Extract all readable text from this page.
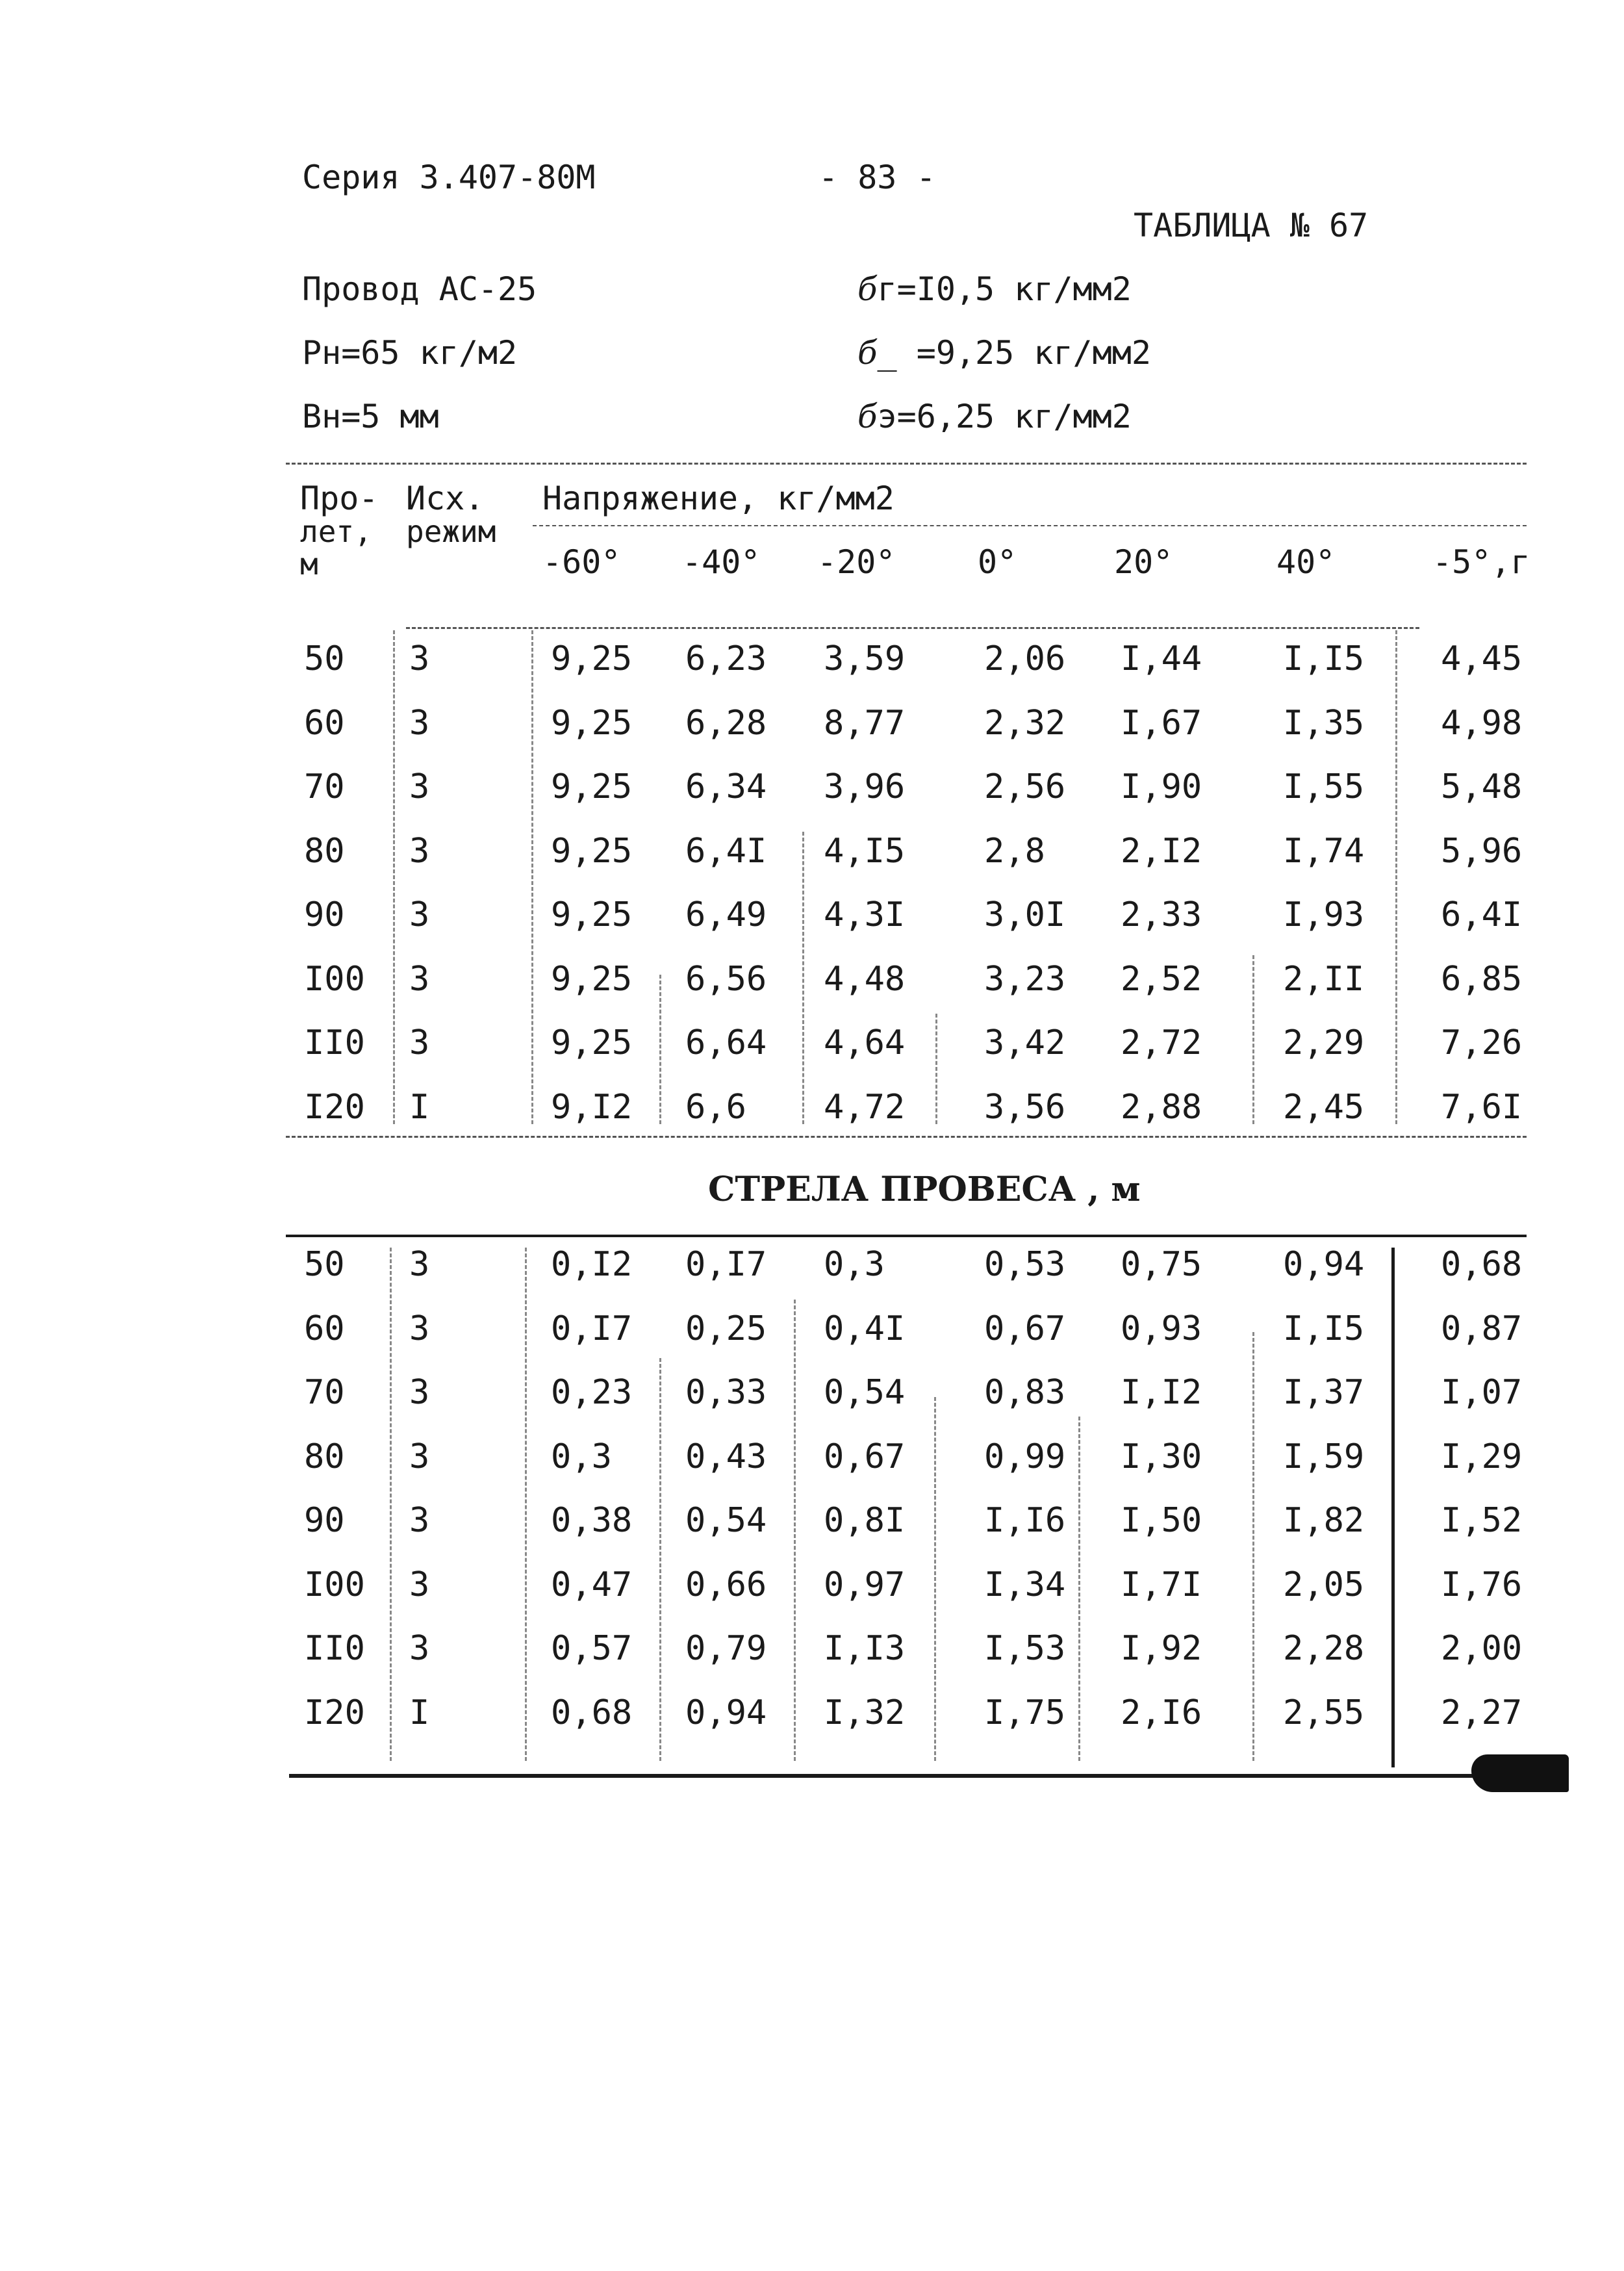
Серия 3.407-80М	- 83 -
ТАБЛИЦА № 67
Провод АС-25
Рн=65 кг/м2
Вн=5 мм
бг=I0,5 кг/мм2
б_ =9,25 кг/мм2
бэ=6,25 кг/мм2
Про-
лет,
м
Исх.
режим
Напряжение, кг/мм2
-60° -40° -20°	0°	20°	40°	-5°,г
50 3	9,25 6,23 3,59 2,06 I,44 I,I5 4,45
60 3	9,25 6,28 8,77 2,32 I,67 I,35 4,98
70 3	9,25 6,34 3,96 2,56 I,90 I,55 5,48
80 3	9,25 6,4I 4,I5 2,8 2,I2 I,74 5,96
90 3	9,25 6,49 4,3I 3,0I 2,33 I,93 6,4I
I00 3	9,25 6,56 4,48 3,23 2,52 2,II 6,85
II0 3	9,25 6,64 4,64 3,42 2,72 2,29 7,26
I20 I	9,I2 6,6 4,72 3,56 2,88 2,45 7,6I
СТРЕЛА ПРОВЕСА , м
50 3	0,I2 0,I7 0,3	0,53 0,75 0,94 0,68
60 3	0,I7 0,25 0,4I 0,67 0,93 I,I5 0,87
70 3	0,23 0,33 0,54 0,83 I,I2 I,37 I,07
80 3	0,3 0,43 0,67 0,99 I,30 I,59 I,29
90 3	0,38 0,54 0,8I I,I6 I,50 I,82 I,52
I00 3	0,47 0,66 0,97 I,34 I,7I 2,05 I,76
II0 3	0,57 0,79 I,I3 I,53 I,92 2,28 2,00
I20 I	0,68 0,94 I,32 I,75 2,I6 2,55 2,27
